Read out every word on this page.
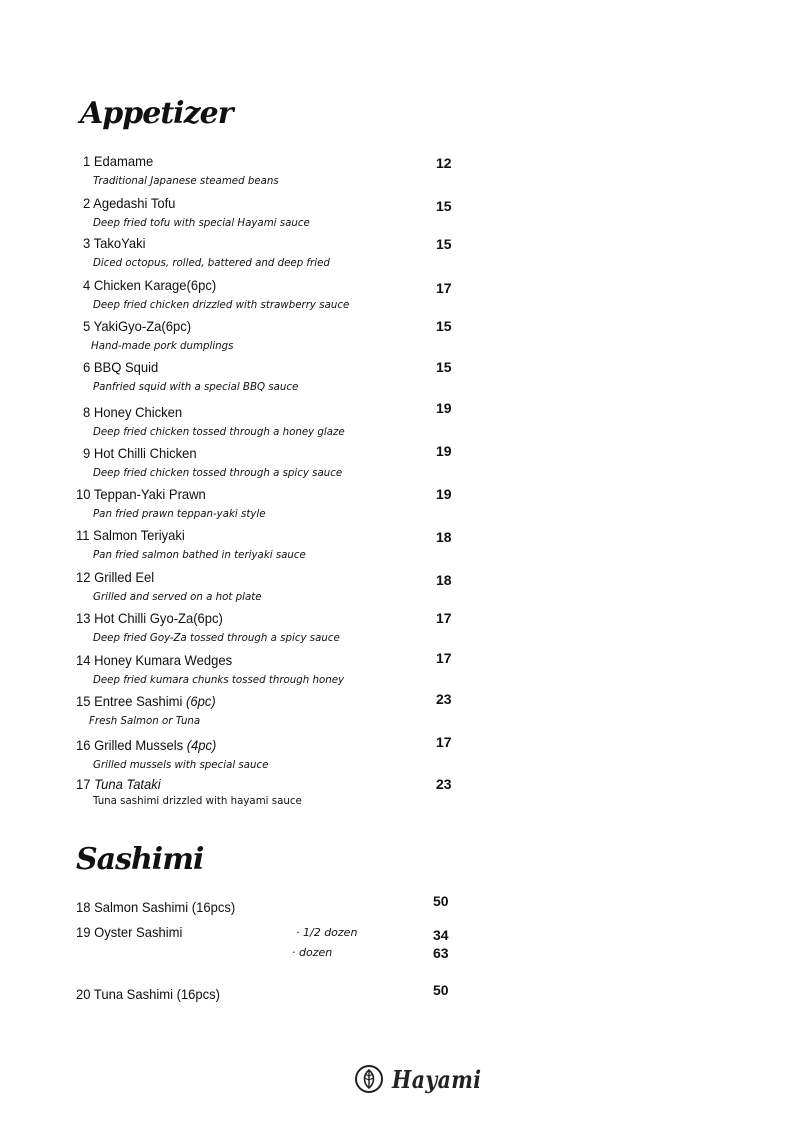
Appetizer
1 Edamame
Traditional Japanese steamed beans
12
2 Agedashi Tofu
Deep fried tofu with special Hayami sauce
15
3 TakoYaki
Diced octopus, rolled, battered and deep fried
15
4 Chicken Karage(6pc)
Deep fried chicken drizzled with strawberry sauce
17
5 YakiGyo-Za(6pc)
Hand-made pork dumplings
15
6 BBQ Squid
Panfried squid with a special BBQ sauce
15
8 Honey Chicken
Deep fried chicken tossed through a honey glaze
19
9 Hot Chilli Chicken
Deep fried chicken tossed through a spicy sauce
19
10 Teppan-Yaki Prawn
Pan fried prawn teppan-yaki style
19
11 Salmon Teriyaki
Pan fried salmon bathed in teriyaki sauce
18
12 Grilled Eel
Grilled and served on a hot plate
18
13 Hot Chilli Gyo-Za(6pc)
Deep fried Goy-Za tossed through a spicy sauce
17
14 Honey Kumara Wedges
Deep fried kumara chunks tossed through honey
17
15 Entree Sashimi (6pc)
Fresh Salmon or Tuna
23
16 Grilled Mussels (4pc)
Grilled mussels with special sauce
17
17 Tuna Tataki
Tuna sashimi drizzled with hayami sauce
23
Sashimi
18 Salmon Sashimi (16pcs)	50
19 Oyster Sashimi	· 1/2 dozen	34
· dozen	63
20 Tuna Sashimi (16pcs)	50
Hayami
